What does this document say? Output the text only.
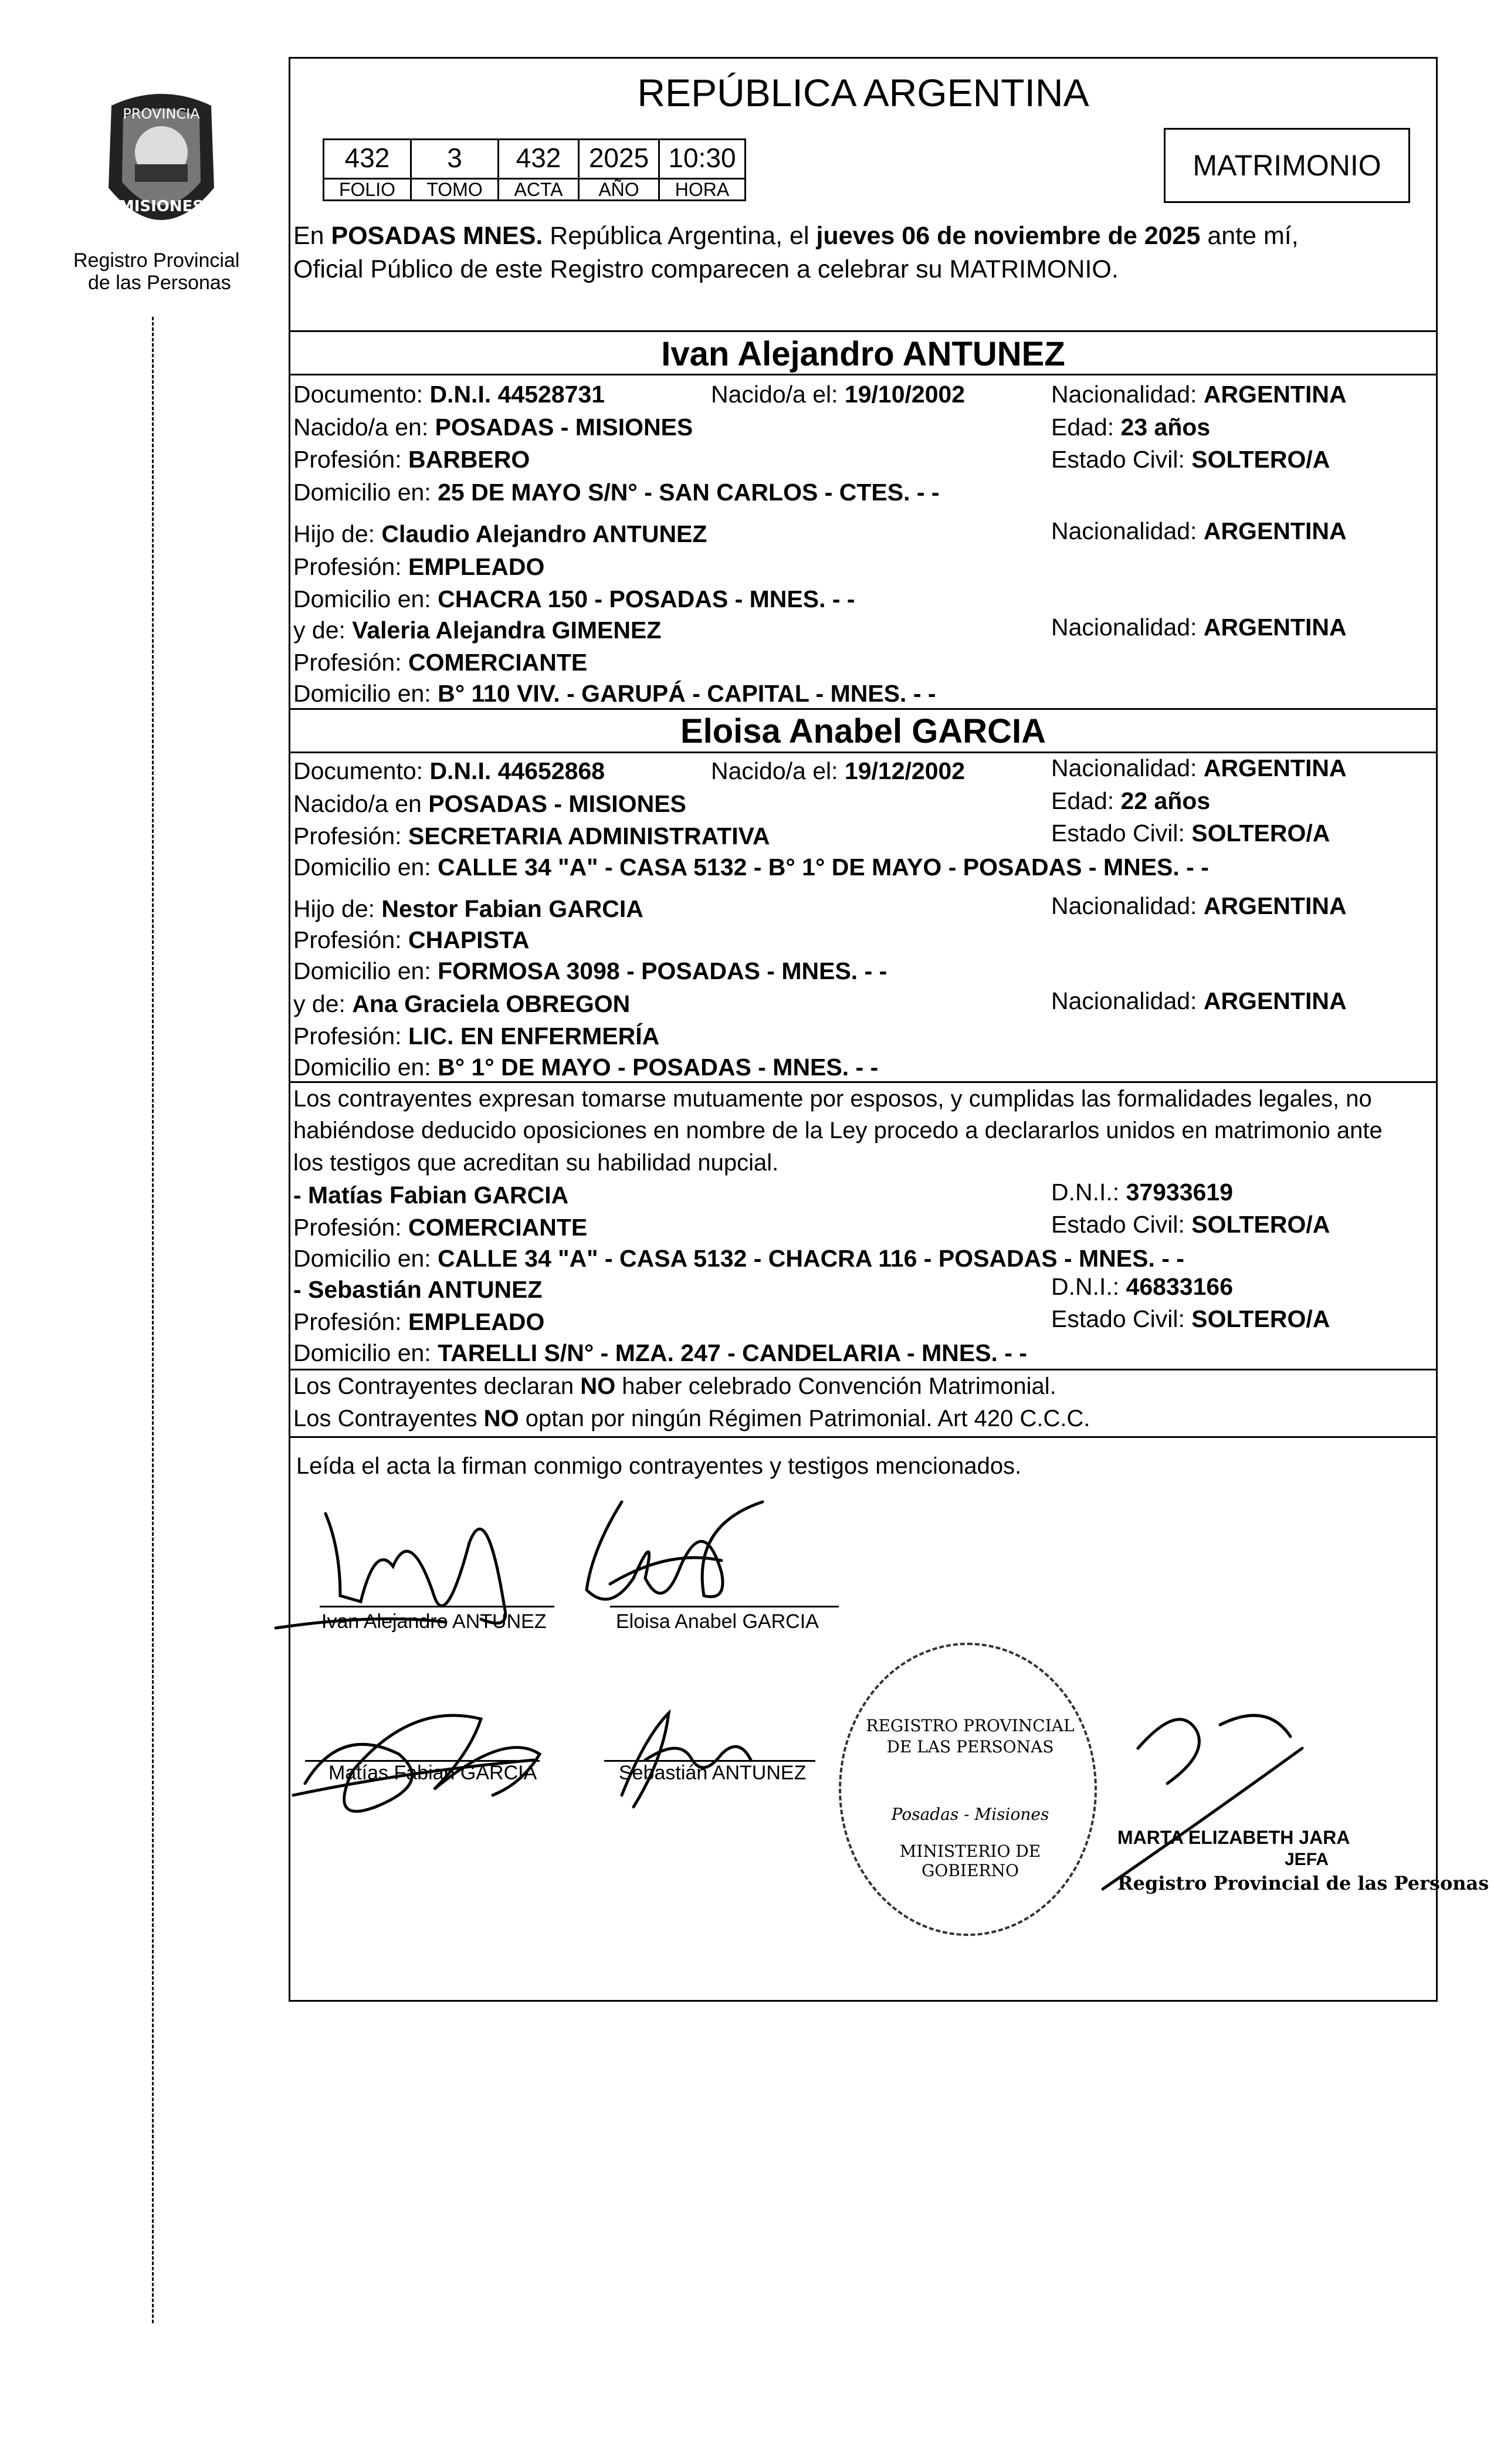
PROVINCIA
MISIONES
Registro Provincial
de las Personas
REPÚBLICA ARGENTINA
432	3	432	2025 10:30
FOLIO	TOMO	ACTA	AÑO	HORA
MATRIMONIO
En POSADAS MNES. República Argentina, el jueves 06 de noviembre de 2025 ante mí,
Oficial Público de este Registro comparecen a celebrar su MATRIMONIO.
Ivan Alejandro ANTUNEZ
Documento: D.N.I. 44528731	Nacido/a el: 19/10/2002	Nacionalidad: ARGENTINA
Nacido/a en: POSADAS - MISIONES	Edad: 23 años
Profesión: BARBERO	Estado Civil: SOLTERO/A
Domicilio en: 25 DE MAYO S/N° - SAN CARLOS - CTES. - -
Hijo de: Claudio Alejandro ANTUNEZ	Nacionalidad: ARGENTINA
Profesión: EMPLEADO
Domicilio en: CHACRA 150 - POSADAS - MNES. - -
y de: Valeria Alejandra GIMENEZ	Nacionalidad: ARGENTINA
Profesión: COMERCIANTE
Domicilio en: B° 110 VIV. - GARUPÁ - CAPITAL - MNES. - -
Eloisa Anabel GARCIA
Documento: D.N.I. 44652868	Nacido/a el: 19/12/2002	Nacionalidad: ARGENTINA
Nacido/a en POSADAS - MISIONES	Edad: 22 años
Profesión: SECRETARIA ADMINISTRATIVA	Estado Civil: SOLTERO/A
Domicilio en: CALLE 34 "A" - CASA 5132 - B° 1° DE MAYO - POSADAS - MNES. - -
Hijo de: Nestor Fabian GARCIA	Nacionalidad: ARGENTINA
Profesión: CHAPISTA
Domicilio en: FORMOSA 3098 - POSADAS - MNES. - -
y de: Ana Graciela OBREGON	Nacionalidad: ARGENTINA
Profesión: LIC. EN ENFERMERÍA
Domicilio en: B° 1° DE MAYO - POSADAS - MNES. - -
Los contrayentes expresan tomarse mutuamente por esposos, y cumplidas las formalidades legales, no
habiéndose deducido oposiciones en nombre de la Ley procedo a declararlos unidos en matrimonio ante
los testigos que acreditan su habilidad nupcial.
- Matías Fabian GARCIA	D.N.I.: 37933619
Profesión: COMERCIANTE	Estado Civil: SOLTERO/A
Domicilio en: CALLE 34 "A" - CASA 5132 - CHACRA 116 - POSADAS - MNES. - -
- Sebastián ANTUNEZ	D.N.I.: 46833166
Profesión: EMPLEADO	Estado Civil: SOLTERO/A
Domicilio en: TARELLI S/N° - MZA. 247 - CANDELARIA - MNES. - -
Los Contrayentes declaran NO haber celebrado Convención Matrimonial.
Los Contrayentes NO optan por ningún Régimen Patrimonial. Art 420 C.C.C.
Leída el acta la firman conmigo contrayentes y testigos mencionados.
Ivan Alejandro ANTUNEZ	Eloisa Anabel GARCIA
Matías Fabian GARCIA	Sebastián ANTUNEZ
REGISTRO PROVINCIAL DE LAS PERSONAS
Posadas - Misiones
MINISTERIO DE GOBIERNO
MARTA ELIZABETH JARA
JEFA
Registro Provincial de las Personas
